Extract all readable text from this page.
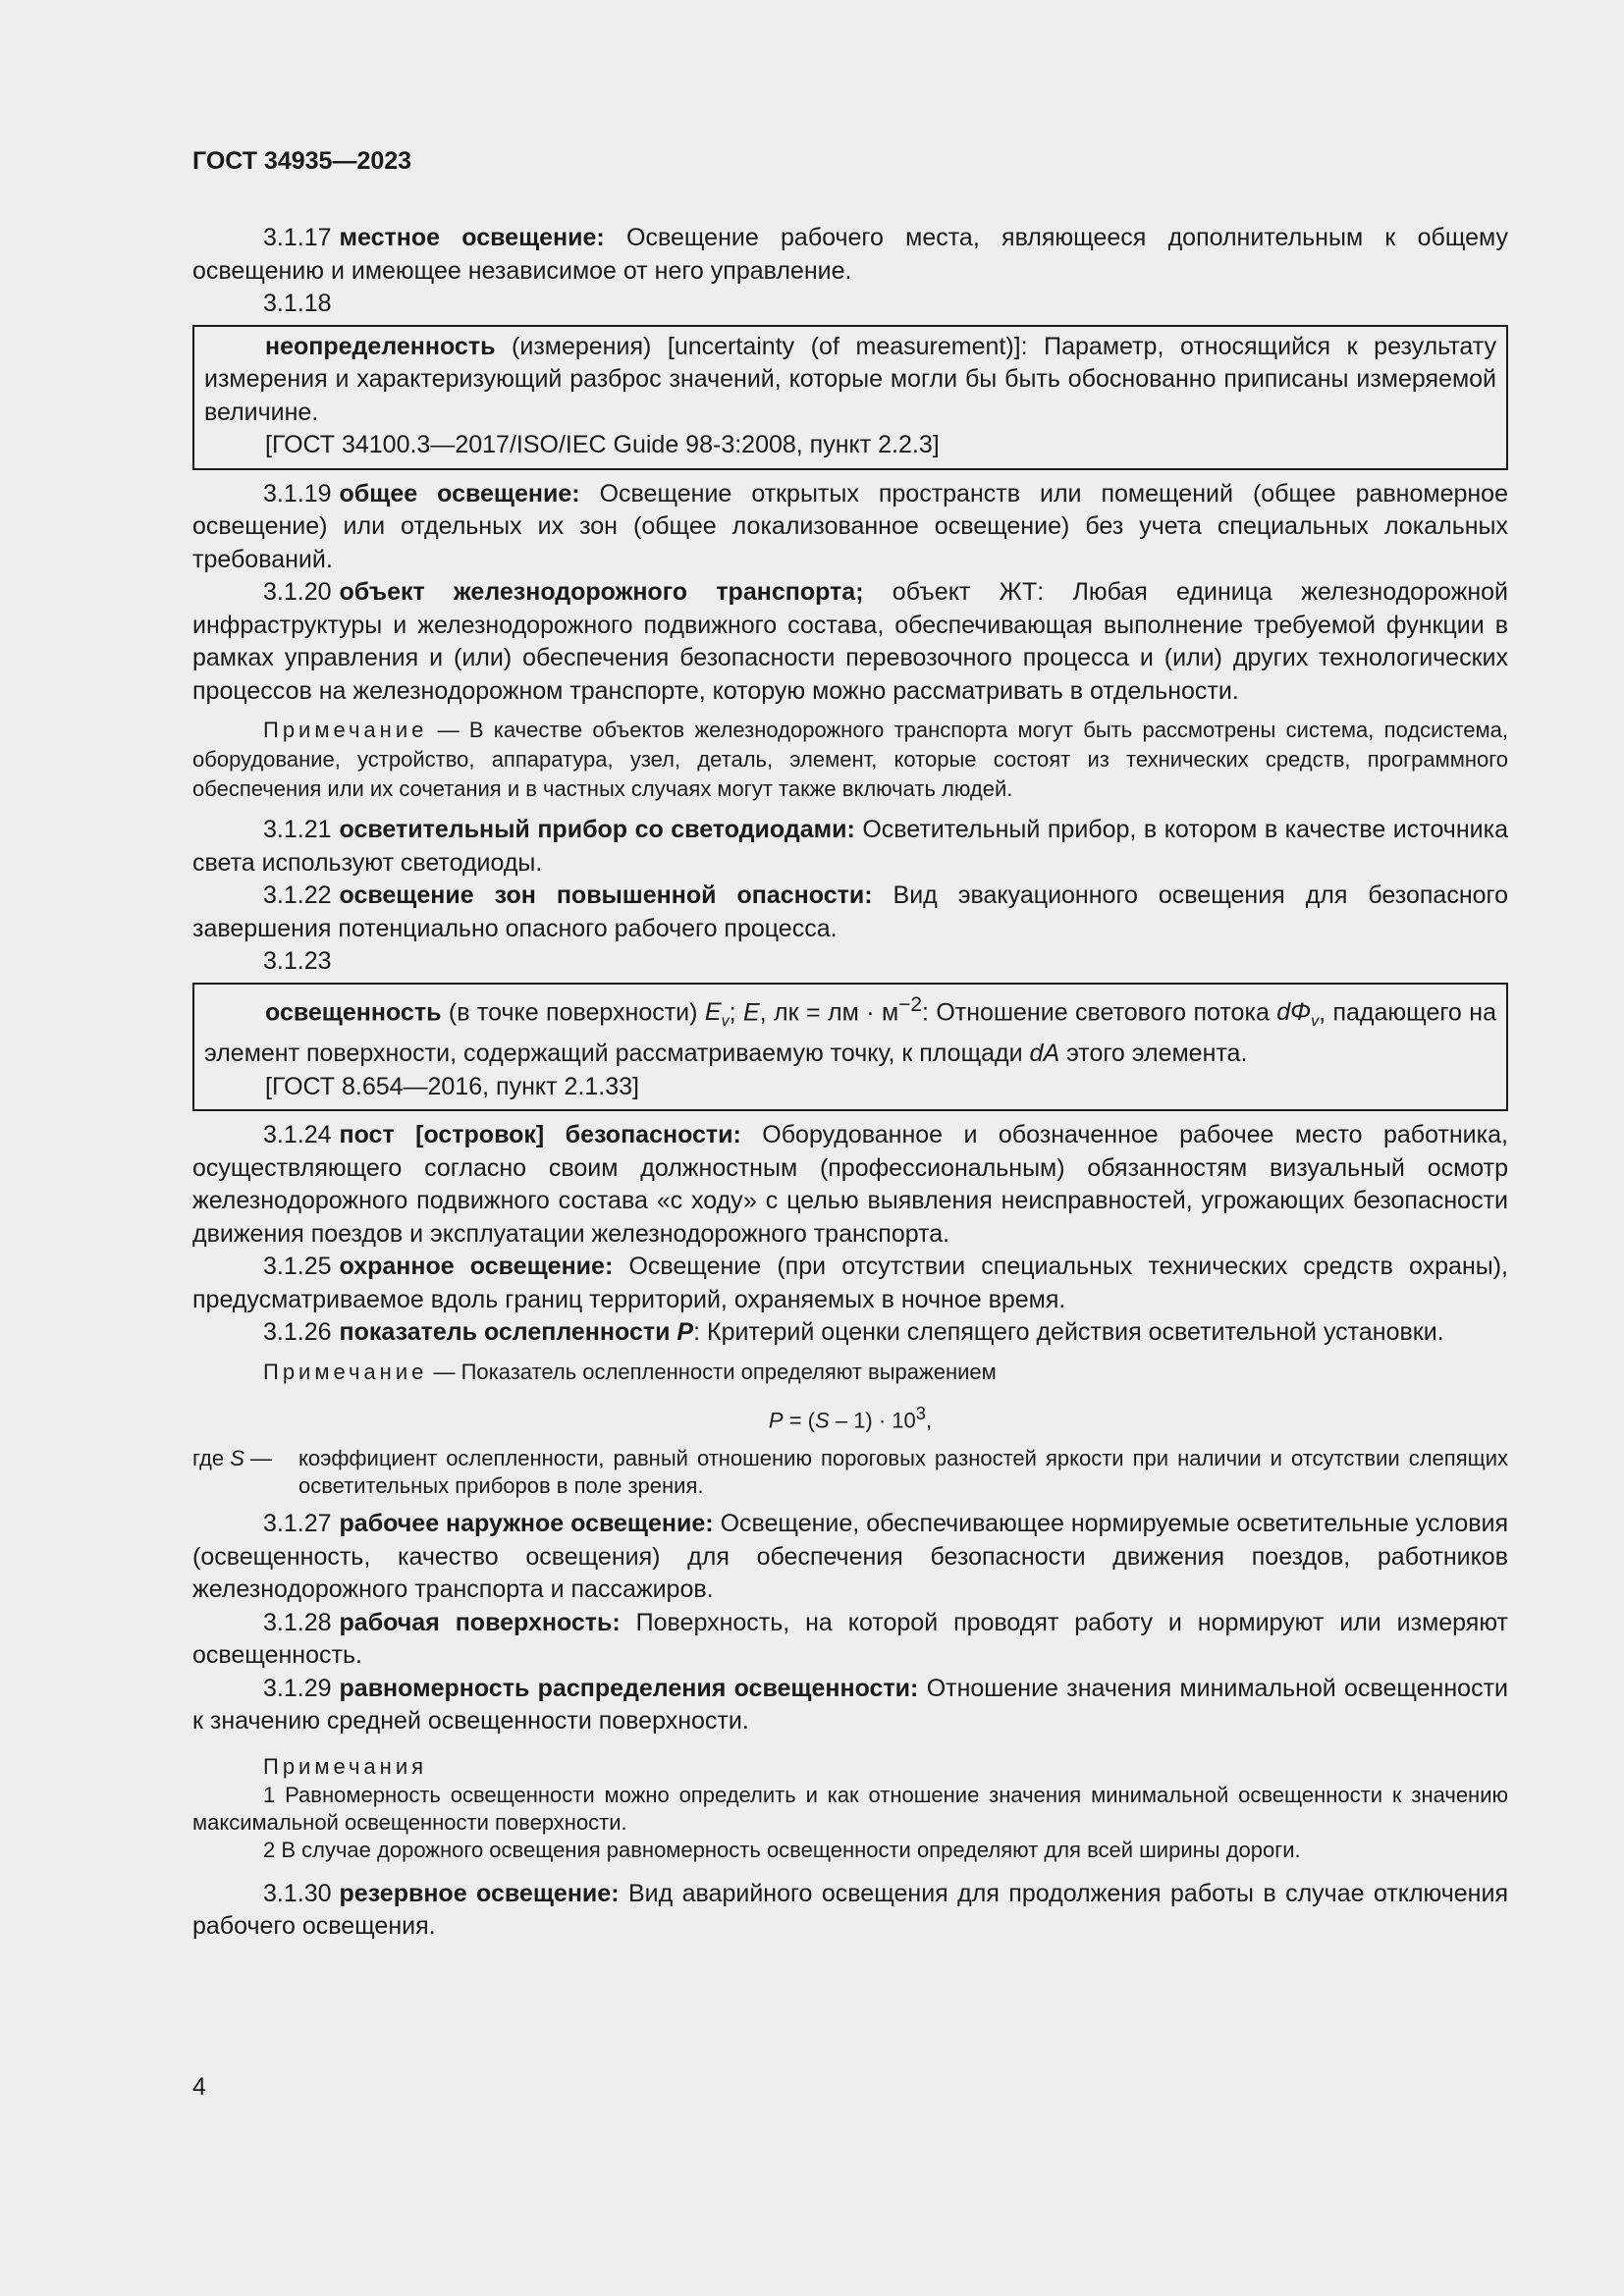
ГОСТ 34935—2023

3.1.17 местное освещение: Освещение рабочего места, являющееся дополнительным к общему освещению и имеющее независимое от него управление.

3.1.18

неопределенность (измерения) [uncertainty (of measurement)]: Параметр, относящийся к результату измерения и характеризующий разброс значений, которые могли бы быть обоснованно приписаны измеряемой величине.

[ГОСТ 34100.3—2017/ISO/IEC Guide 98-3:2008, пункт 2.2.3]

3.1.19 общее освещение: Освещение открытых пространств или помещений (общее равномерное освещение) или отдельных их зон (общее локализованное освещение) без учета специальных локальных требований.

3.1.20 объект железнодорожного транспорта; объект ЖТ: Любая единица железнодорожной инфраструктуры и железнодорожного подвижного состава, обеспечивающая выполнение требуемой функции в рамках управления и (или) обеспечения безопасности перевозочного процесса и (или) других технологических процессов на железнодорожном транспорте, которую можно рассматривать в отдельности.

Примечание — В качестве объектов железнодорожного транспорта могут быть рассмотрены система, подсистема, оборудование, устройство, аппаратура, узел, деталь, элемент, которые состоят из технических средств, программного обеспечения или их сочетания и в частных случаях могут также включать людей.

3.1.21 осветительный прибор со светодиодами: Осветительный прибор, в котором в качестве источника света используют светодиоды.

3.1.22 освещение зон повышенной опасности: Вид эвакуационного освещения для безопасного завершения потенциально опасного рабочего процесса.

3.1.23

освещенность (в точке поверхности) $E_v$; E, лк = лм · $м^{-2}$: Отношение светового потока $d\Phi_v$, падающего на элемент поверхности, содержащий рассматриваемую точку, к площади dA этого элемента.

[ГОСТ 8.654—2016, пункт 2.1.33]

3.1.24 пост [островок] безопасности: Оборудованное и обозначенное рабочее место работника, осуществляющего согласно своим должностным (профессиональным) обязанностям визуальный осмотр железнодорожного подвижного состава «с ходу» с целью выявления неисправностей, угрожающих безопасности движения поездов и эксплуатации железнодорожного транспорта.

3.1.25 охранное освещение: Освещение (при отсутствии специальных технических средств охраны), предусматриваемое вдоль границ территорий, охраняемых в ночное время.

3.1.26 показатель ослепленности P: Критерий оценки слепящего действия осветительной установки.

Примечание — Показатель ослепленности определяют выражением

$P = (S - 1) \cdot 10^3$,
где S —	коэффициент ослепленности, равный отношению пороговых разностей яркости при наличии и отсутствии слепящих осветительных приборов в поле зрения.

3.1.27 рабочее наружное освещение: Освещение, обеспечивающее нормируемые осветительные условия (освещенность, качество освещения) для обеспечения безопасности движения поездов, работников железнодорожного транспорта и пассажиров.

3.1.28 рабочая поверхность: Поверхность, на которой проводят работу и нормируют или измеряют освещенность.

3.1.29 равномерность распределения освещенности: Отношение значения минимальной освещенности к значению средней освещенности поверхности.

Примечания

1 Равномерность освещенности можно определить и как отношение значения минимальной освещенности к значению максимальной освещенности поверхности.

2 В случае дорожного освещения равномерность освещенности определяют для всей ширины дороги.

3.1.30 резервное освещение: Вид аварийного освещения для продолжения работы в случае отключения рабочего освещения.

4
